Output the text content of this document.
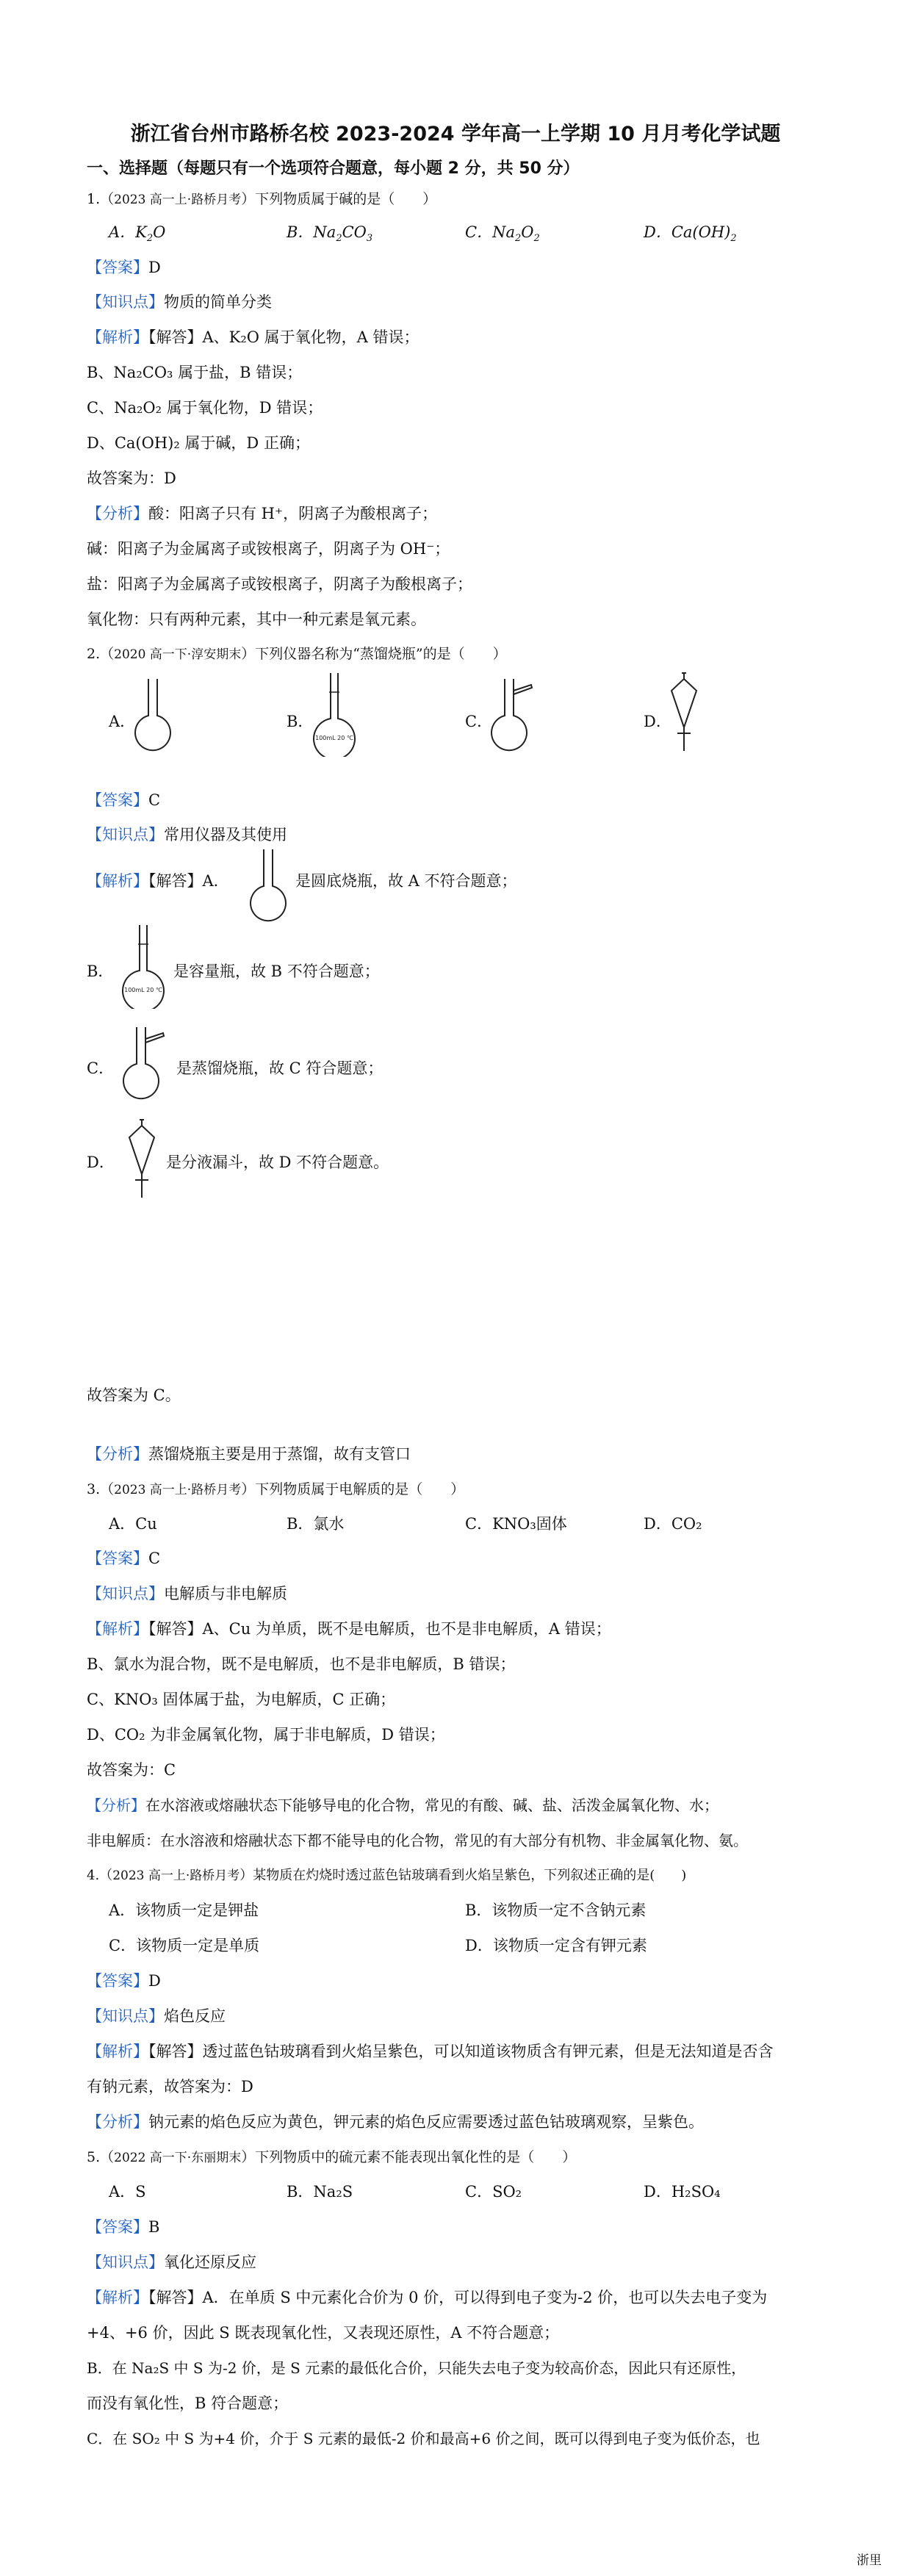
浙江省台州市路桥名校 2023-2024 学年高一上学期 10 月月考化学试题
一、选择题（每题只有一个选项符合题意，每小题 2 分，共 50 分）
1.（2023 高一上·路桥月考）下列物质属于碱的是（　　）
A．$K_2O$	B．$Na_2CO_3$	C．$Na_2O_2$	D．$Ca(OH)_2$
【答案】D
【知识点】物质的简单分类
【解析】【解答】A、K₂O 属于氧化物，A 错误；
B、Na₂CO₃ 属于盐，B 错误；
C、Na₂O₂ 属于氧化物，D 错误；
D、Ca(OH)₂ 属于碱，D 正确；
故答案为：D
【分析】酸：阳离子只有 H⁺，阴离子为酸根离子；
碱：阳离子为金属离子或铵根离子，阴离子为 OH⁻；
盐：阳离子为金属离子或铵根离子，阴离子为酸根离子；
氧化物：只有两种元素，其中一种元素是氧元素。
2.（2020 高一下·淳安期末）下列仪器名称为“蒸馏烧瓶”的是（　　）
A．	B．
100mL 20 ℃
C．	D．
【答案】C
【知识点】常用仪器及其使用
【解析】【解答】A．	是圆底烧瓶，故 A 不符合题意；
B．
100mL 20 ℃
是容量瓶，故 B 不符合题意；
C．	是蒸馏烧瓶，故 C 符合题意；
D．	是分液漏斗，故 D 不符合题意。
故答案为 C。
【分析】蒸馏烧瓶主要是用于蒸馏，故有支管口
3.（2023 高一上·路桥月考）下列物质属于电解质的是（　　）
A．Cu	B．氯水	C．KNO₃固体	D．CO₂
【答案】C
【知识点】电解质与非电解质
【解析】【解答】A、Cu 为单质，既不是电解质，也不是非电解质，A 错误；
B、氯水为混合物，既不是电解质，也不是非电解质，B 错误；
C、KNO₃ 固体属于盐，为电解质，C 正确；
D、CO₂ 为非金属氧化物，属于非电解质，D 错误；
故答案为：C
【分析】在水溶液或熔融状态下能够导电的化合物，常见的有酸、碱、盐、活泼金属氧化物、水；
非电解质：在水溶液和熔融状态下都不能导电的化合物，常见的有大部分有机物、非金属氧化物、氨。
4.（2023 高一上·路桥月考）某物质在灼烧时透过蓝色钴玻璃看到火焰呈紫色，下列叙述正确的是(　　)
A．该物质一定是钾盐	B．该物质一定不含钠元素
C．该物质一定是单质	D．该物质一定含有钾元素
【答案】D
【知识点】焰色反应
【解析】【解答】透过蓝色钴玻璃看到火焰呈紫色，可以知道该物质含有钾元素，但是无法知道是否含
有钠元素，故答案为：D
【分析】钠元素的焰色反应为黄色，钾元素的焰色反应需要透过蓝色钴玻璃观察，呈紫色。
5.（2022 高一下·东丽期末）下列物质中的硫元素不能表现出氧化性的是（　　）
A．S	B．Na₂S	C．SO₂	D．H₂SO₄
【答案】B
【知识点】氧化还原反应
【解析】【解答】A．在单质 S 中元素化合价为 0 价，可以得到电子变为-2 价，也可以失去电子变为
+4、+6 价，因此 S 既表现氧化性，又表现还原性，A 不符合题意；
B．在 Na₂S 中 S 为-2 价，是 S 元素的最低化合价，只能失去电子变为较高价态，因此只有还原性，
而没有氧化性，B 符合题意；
C．在 SO₂ 中 S 为+4 价，介于 S 元素的最低-2 价和最高+6 价之间，既可以得到电子变为低价态，也
浙里
